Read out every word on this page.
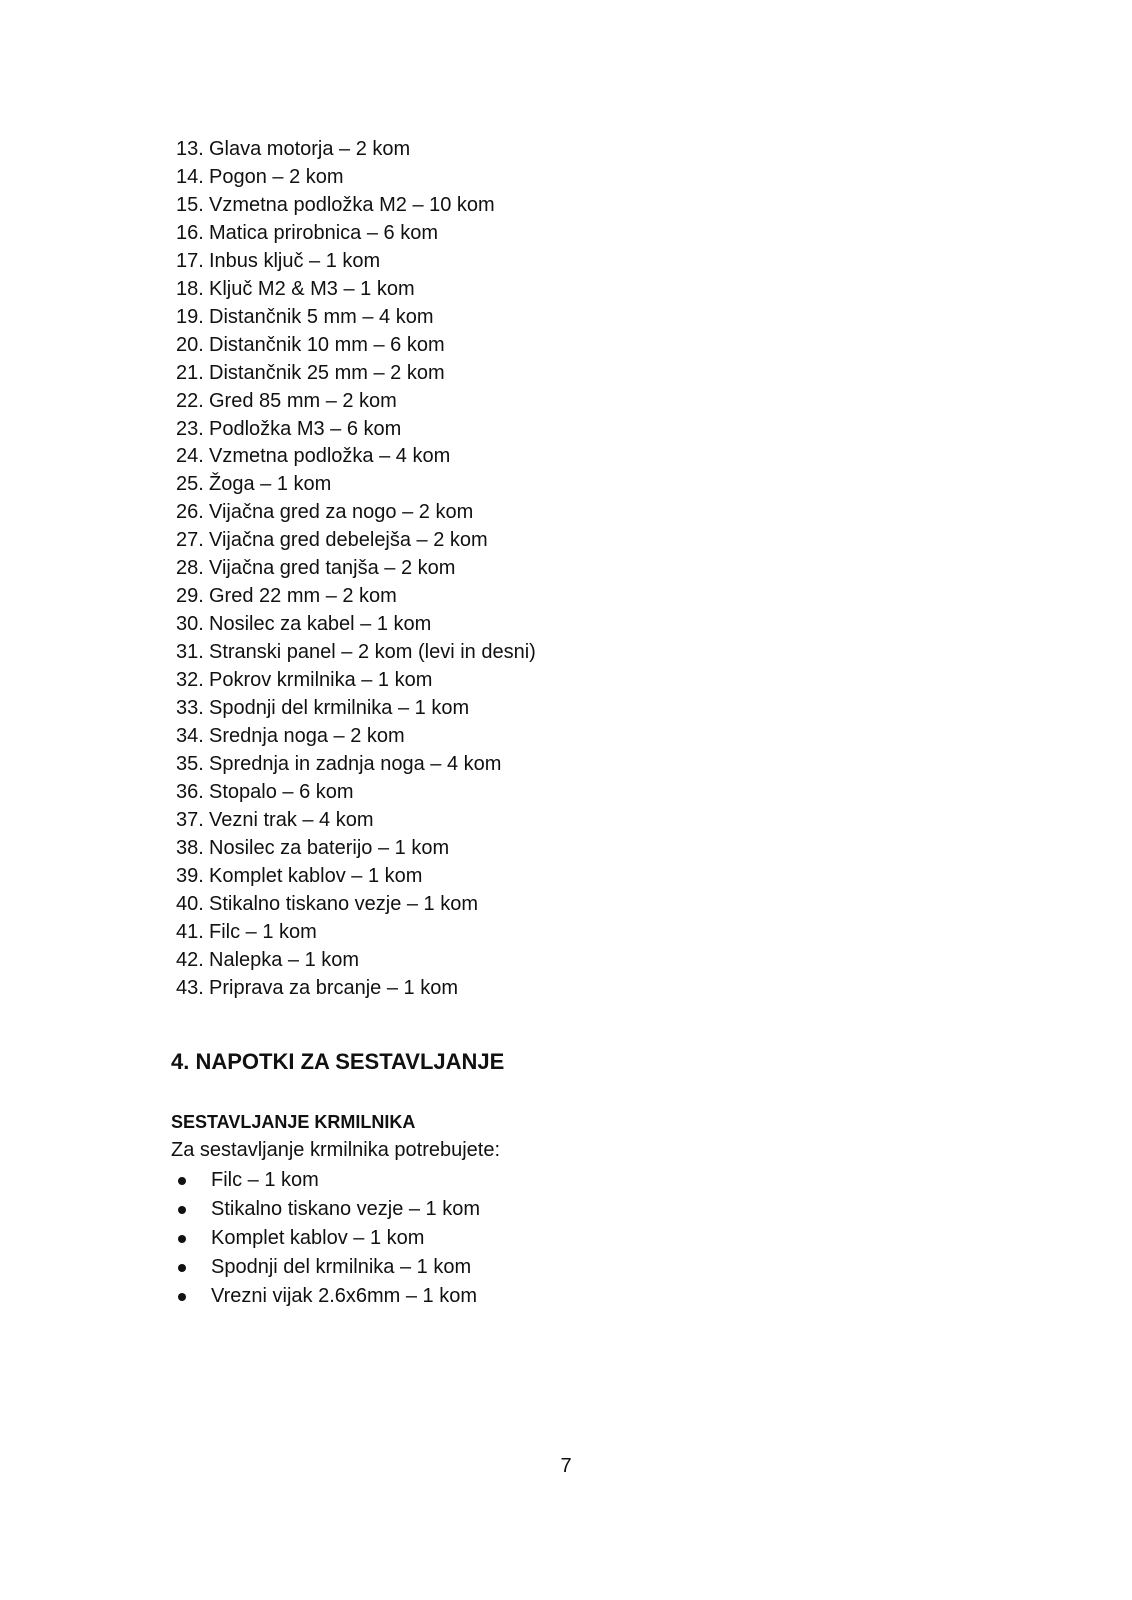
13. Glava motorja – 2 kom
14. Pogon – 2 kom
15. Vzmetna podložka M2 – 10 kom
16. Matica prirobnica – 6 kom
17. Inbus ključ – 1 kom
18. Ključ M2 & M3 – 1 kom
19. Distančnik 5 mm – 4 kom
20. Distančnik 10 mm – 6 kom
21. Distančnik 25 mm – 2 kom
22. Gred 85 mm – 2 kom
23. Podložka M3 – 6 kom
24. Vzmetna podložka – 4 kom
25. Žoga – 1 kom
26. Vijačna gred za nogo – 2 kom
27. Vijačna gred debelejša – 2 kom
28. Vijačna gred tanjša – 2 kom
29. Gred 22 mm – 2 kom
30. Nosilec za kabel – 1 kom
31. Stranski panel – 2 kom (levi in desni)
32. Pokrov krmilnika – 1 kom
33. Spodnji del krmilnika – 1 kom
34. Srednja noga – 2 kom
35. Sprednja in zadnja noga – 4 kom
36. Stopalo – 6 kom
37. Vezni trak – 4 kom
38. Nosilec za baterijo – 1 kom
39. Komplet kablov – 1 kom
40. Stikalno tiskano vezje – 1 kom
41. Filc – 1 kom
42. Nalepka – 1 kom
43. Priprava za brcanje – 1 kom
4. NAPOTKI ZA SESTAVLJANJE
SESTAVLJANJE KRMILNIKA

Za sestavljanje krmilnika potrebujete:

Filc – 1 kom
Stikalno tiskano vezje – 1 kom
Komplet kablov – 1 kom
Spodnji del krmilnika – 1 kom
Vrezni vijak 2.6x6mm – 1 kom
7
